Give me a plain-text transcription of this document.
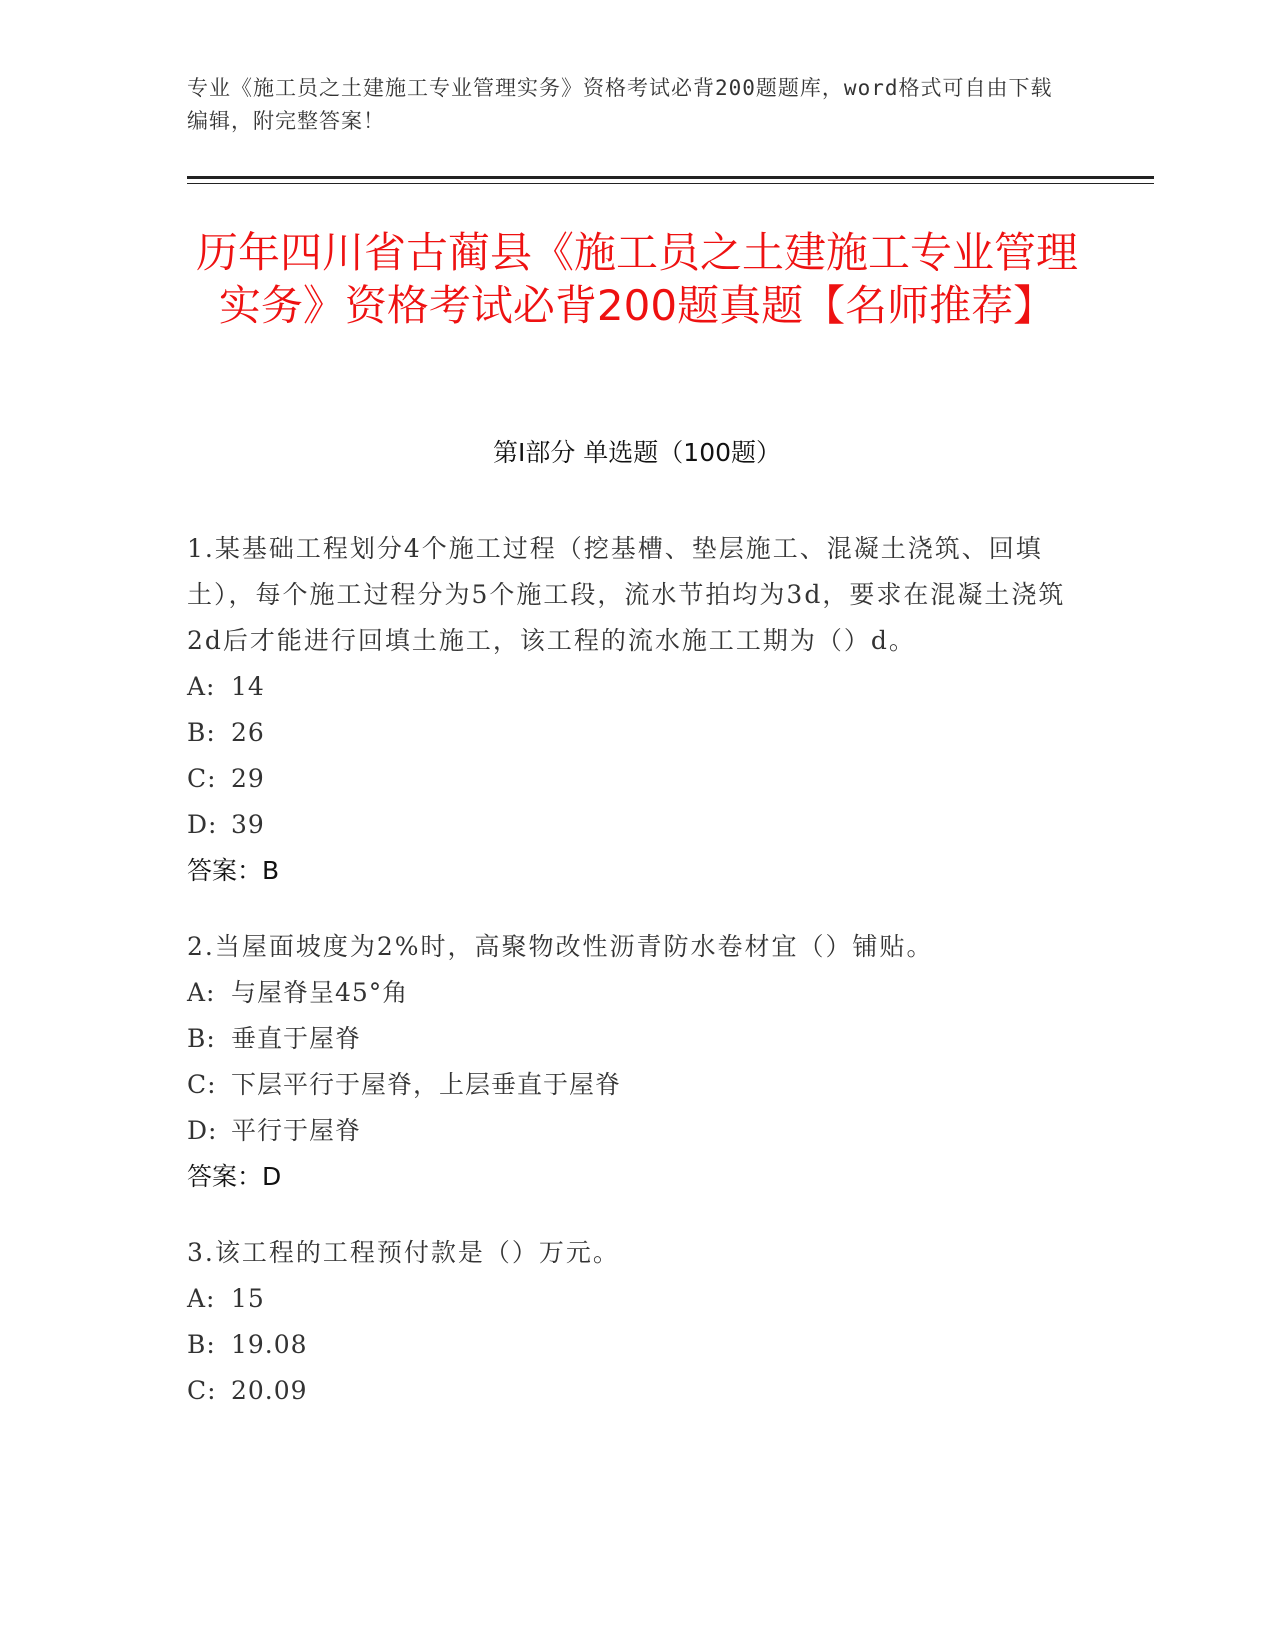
专业《施工员之土建施工专业管理实务》资格考试必背200题题库，word格式可自由下载编辑，附完整答案！
历年四川省古蔺县《施工员之土建施工专业管理实务》资格考试必背200题真题【名师推荐】
第Ⅰ部分 单选题（100题）

1.某基础工程划分4个施工过程（挖基槽、垫层施工、混凝土浇筑、回填土），每个施工过程分为5个施工段，流水节拍均为3d，要求在混凝土浇筑2d后才能进行回填土施工，该工程的流水施工工期为（）d。

A: 14

B: 26

C: 29

D: 39

答案：B

2.当屋面坡度为2%时，高聚物改性沥青防水卷材宜（）铺贴。

A: 与屋脊呈45°角

B: 垂直于屋脊

C: 下层平行于屋脊，上层垂直于屋脊

D: 平行于屋脊

答案：D

3.该工程的工程预付款是（）万元。

A: 15

B: 19.08

C: 20.09
